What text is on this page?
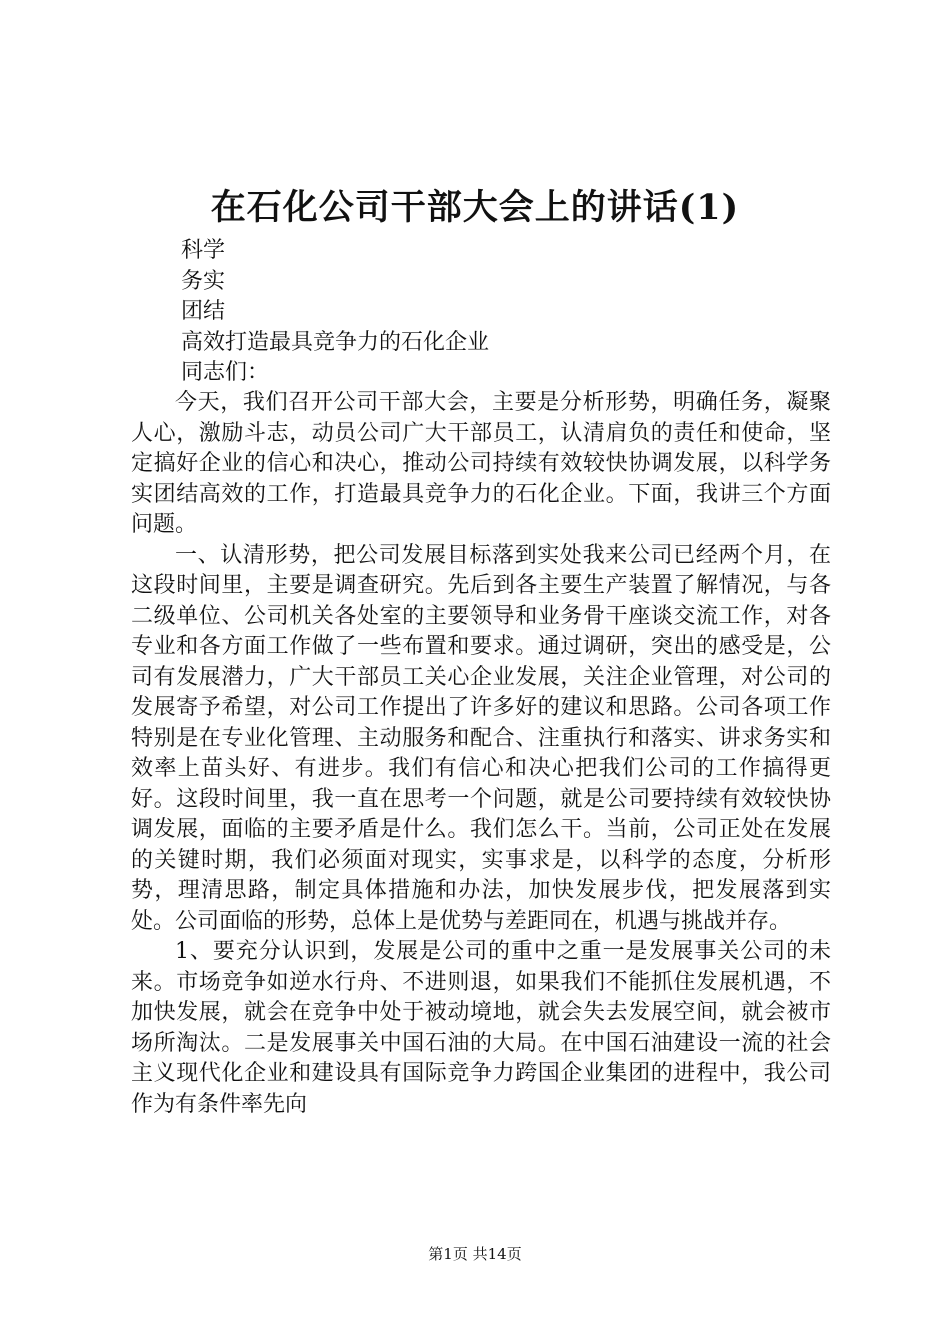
在石化公司干部大会上的讲话(1)
科学
务实
团结
高效打造最具竞争力的石化企业
同志们：

今天，我们召开公司干部大会，主要是分析形势，明确任务，凝聚人心，激励斗志，动员公司广大干部员工，认清肩负的责任和使命，坚定搞好企业的信心和决心，推动公司持续有效较快协调发展，以科学务实团结高效的工作，打造最具竞争力的石化企业。下面，我讲三个方面问题。

一、认清形势，把公司发展目标落到实处我来公司已经两个月，在这段时间里，主要是调查研究。先后到各主要生产装置了解情况，与各二级单位、公司机关各处室的主要领导和业务骨干座谈交流工作，对各专业和各方面工作做了一些布置和要求。通过调研，突出的感受是，公司有发展潜力，广大干部员工关心企业发展，关注企业管理，对公司的发展寄予希望，对公司工作提出了许多好的建议和思路。公司各项工作特别是在专业化管理、主动服务和配合、注重执行和落实、讲求务实和效率上苗头好、有进步。我们有信心和决心把我们公司的工作搞得更好。这段时间里，我一直在思考一个问题，就是公司要持续有效较快协调发展，面临的主要矛盾是什么。我们怎么干。当前，公司正处在发展的关键时期，我们必须面对现实，实事求是，以科学的态度，分析形势，理清思路，制定具体措施和办法，加快发展步伐，把发展落到实处。公司面临的形势，总体上是优势与差距同在，机遇与挑战并存。

1、要充分认识到，发展是公司的重中之重一是发展事关公司的未来。市场竞争如逆水行舟、不进则退，如果我们不能抓住发展机遇，不加快发展，就会在竞争中处于被动境地，就会失去发展空间，就会被市场所淘汰。二是发展事关中国石油的大局。在中国石油建设一流的社会主义现代化企业和建设具有国际竞争力跨国企业集团的进程中，我公司作为有条件率先向

第1页 共14页
